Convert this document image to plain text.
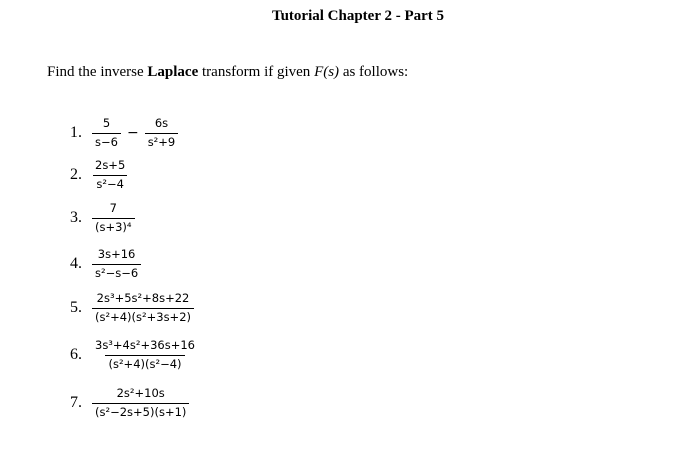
Tutorial Chapter 2 - Part 5
Find the inverse Laplace transform if given F(s) as follows:
1. $\frac{5}{s-6} - \frac{6s}{\text{s²+9}}$
2. $\frac{2s+5}{\text{s²−4}}$
3. $\frac{7}{\text{(s+3)⁴}}$
4. $\frac{3s+16}{\text{s²−s−6}}$
5. $\frac{\text{2s³+5s²+8s+22}}{\text{(s²+4)(s²+3s+2)}}$
6. $\frac{\text{3s³+4s²+36s+16}}{\text{(s²+4)(s²−4)}}$
7. $\frac{\text{2s²+10s}}{\text{(s²−2s+5)(s+1)}}$
